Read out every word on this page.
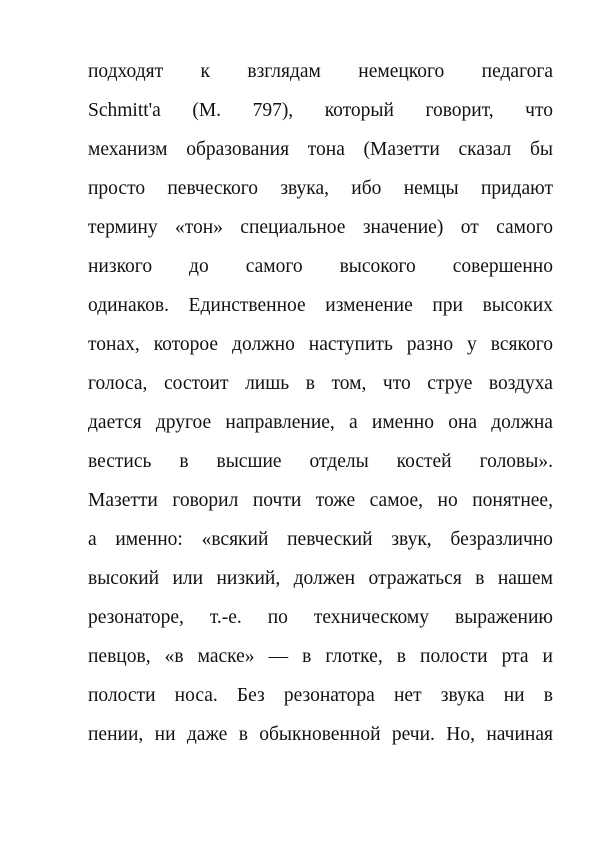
подходят к взглядам немецкого педагога
Schmitt'a (М. 797), который говорит, что
механизм образования тона (Мазетти сказал бы
просто певческого звука, ибо немцы придают
термину «тон» специальное значение) от самого
низкого до самого высокого совершенно
одинаков. Единственное изменение при высоких
тонах, которое должно наступить разно у всякого
голоса, состоит лишь в том, что струе воздуха
дается другое направление, а именно она должна
вестись в высшие отделы костей головы».
Мазетти говорил почти тоже самое, но понятнее,
а именно: «всякий певческий звук, безразлично
высокий или низкий, должен отражаться в нашем
резонаторе, т.-е. по техническому выражению
певцов, «в маске» — в глотке, в полости рта и
полости носа. Без резонатора нет звука ни в
пении, ни даже в обыкновенной речи. Но, начиная
